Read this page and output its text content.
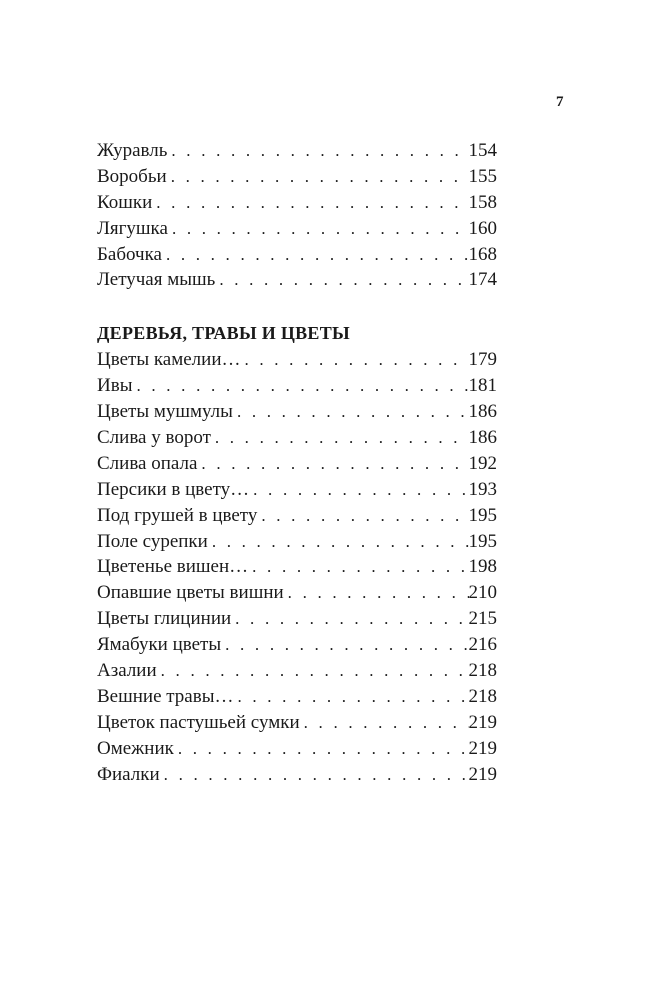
7
Журавль . . .	154
Воробьи . . .	155
Кошки . . .	158
Лягушка . . .	160
Бабочка . . .	168
Летучая мышь . . .	174
ДЕРЕВЬЯ, ТРАВЫ И ЦВЕТЫ
Цветы камелии… . . .	179
Ивы . . .	181
Цветы мушмулы . . .	186
Слива у ворот . . .	186
Слива опала . . .	192
Персики в цвету… . . .	193
Под грушей в цвету . . .	195
Поле сурепки . . .	195
Цветенье вишен… . . .	198
Опавшие цветы вишни . . .	210
Цветы глицинии . . .	215
Ямабуки цветы . . .	216
Азалии . . .	218
Вешние травы… . . .	218
Цветок пастушьей сумки . . .	219
Омежник . . .	219
Фиалки . . .	219
